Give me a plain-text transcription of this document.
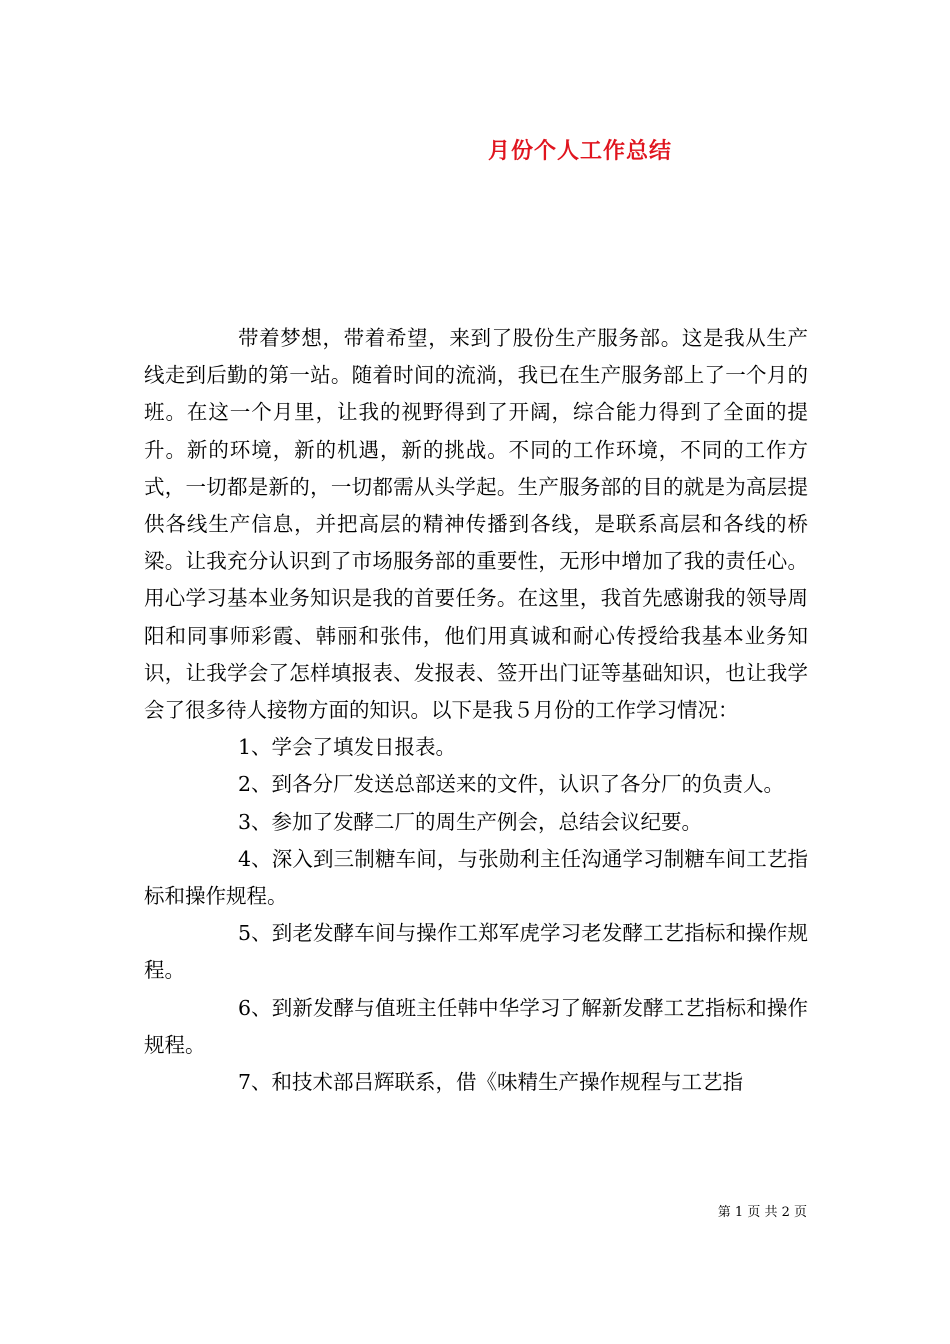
月份个人工作总结

带着梦想，带着希望，来到了股份生产服务部。这是我从生产线走到后勤的第一站。随着时间的流淌，我已在生产服务部上了一个月的班。在这一个月里，让我的视野得到了开阔，综合能力得到了全面的提升。新的环境，新的机遇，新的挑战。不同的工作环境，不同的工作方式，一切都是新的，一切都需从头学起。生产服务部的目的就是为高层提供各线生产信息，并把高层的精神传播到各线，是联系高层和各线的桥梁。让我充分认识到了市场服务部的重要性，无形中增加了我的责任心。用心学习基本业务知识是我的首要任务。在这里，我首先感谢我的领导周阳和同事师彩霞、韩丽和张伟，他们用真诚和耐心传授给我基本业务知识，让我学会了怎样填报表、发报表、签开出门证等基础知识，也让我学会了很多待人接物方面的知识。以下是我５月份的工作学习情况：

1、学会了填发日报表。

2、到各分厂发送总部送来的文件，认识了各分厂的负责人。

3、参加了发酵二厂的周生产例会，总结会议纪要。

4、深入到三制糖车间，与张勋利主任沟通学习制糖车间工艺指标和操作规程。

5、到老发酵车间与操作工郑军虎学习老发酵工艺指标和操作规程。

6、到新发酵与值班主任韩中华学习了解新发酵工艺指标和操作规程。

7、和技术部吕辉联系，借《味精生产操作规程与工艺指

第 1 页 共 2 页
